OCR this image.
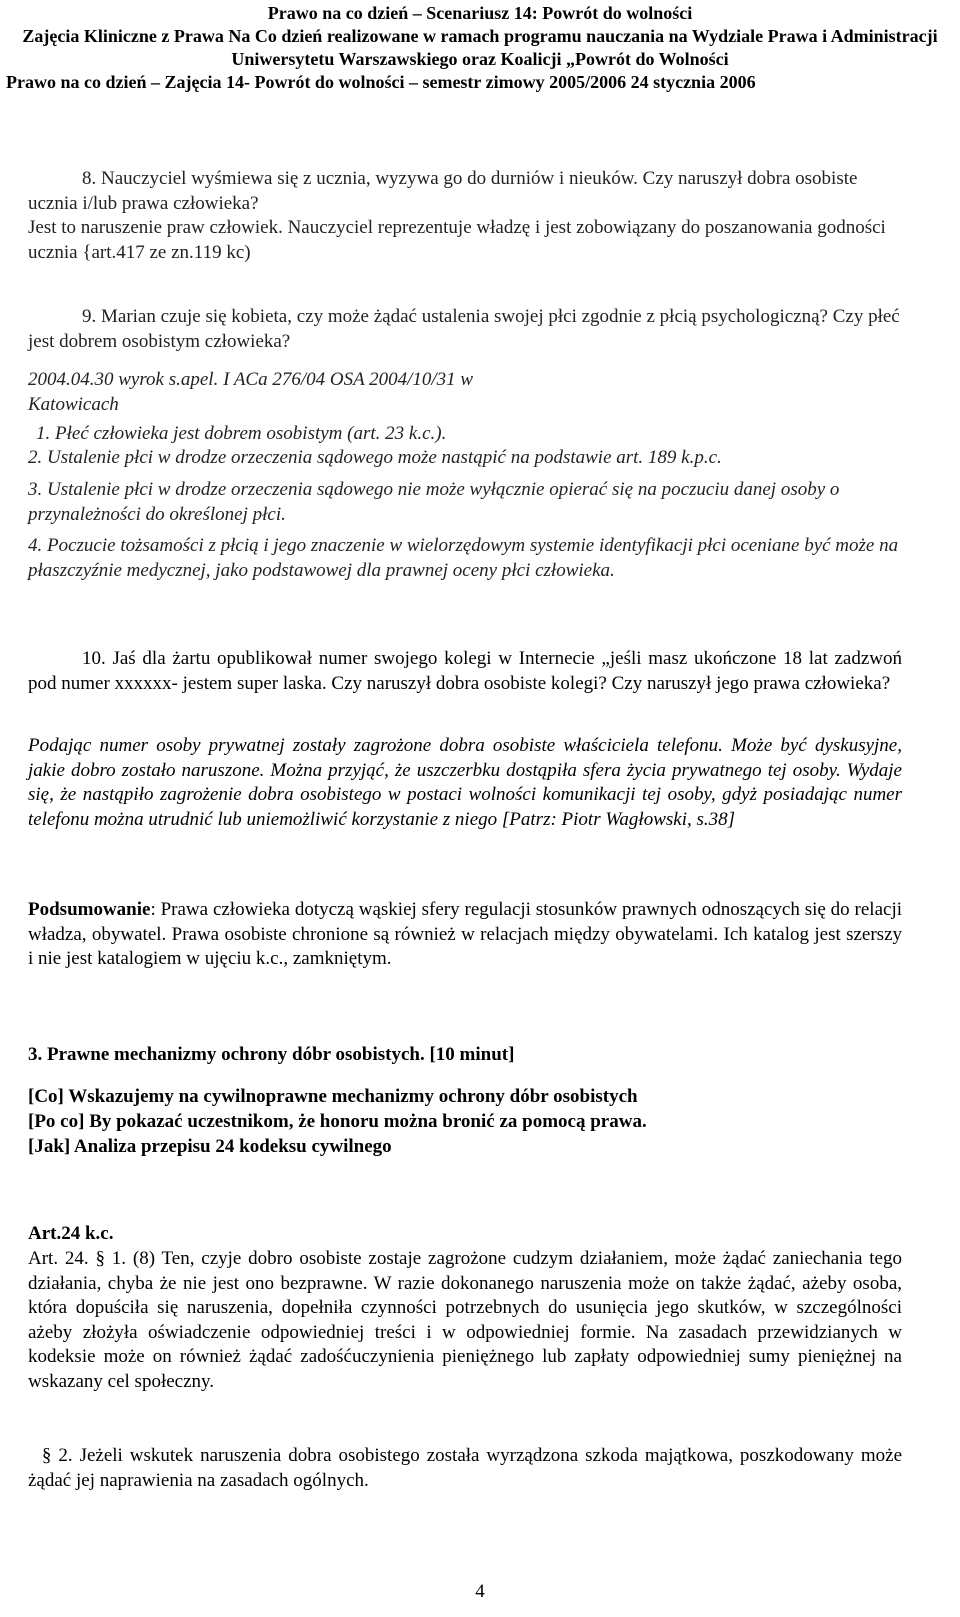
Prawo na co dzień – Scenariusz 14: Powrót do wolności
Zajęcia Kliniczne z Prawa Na Co dzień realizowane w ramach programu nauczania na Wydziale Prawa i Administracji
Uniwersytetu Warszawskiego oraz Koalicji „Powrót do Wolności
Prawo na co dzień – Zajęcia 14- Powrót do wolności – semestr zimowy 2005/2006 24 stycznia 2006

8. Nauczyciel wyśmiewa się z ucznia, wyzywa go do durniów i nieuków. Czy naruszył dobra osobiste ucznia i/lub prawa człowieka?

Jest to naruszenie praw człowiek. Nauczyciel reprezentuje władzę i jest zobowiązany do poszanowania godności ucznia {art.417 ze zn.119 kc)

9. Marian czuje się kobieta, czy może żądać ustalenia swojej płci zgodnie z płcią psychologiczną? Czy płeć jest dobrem osobistym człowieka?

2004.04.30 wyrok s.apel. I ACa 276/04 OSA 2004/10/31 w Katowicach

1. Płeć człowieka jest dobrem osobistym (art. 23 k.c.).

2. Ustalenie płci w drodze orzeczenia sądowego może nastąpić na podstawie art. 189 k.p.c.

3. Ustalenie płci w drodze orzeczenia sądowego nie może wyłącznie opierać się na poczuciu danej osoby o przynależności do określonej płci.

4. Poczucie tożsamości z płcią i jego znaczenie w wielorzędowym systemie identyfikacji płci oceniane być może na płaszczyźnie medycznej, jako podstawowej dla prawnej oceny płci człowieka.

10. Jaś dla żartu opublikował numer swojego kolegi w Internecie „jeśli masz ukończone 18 lat zadzwoń pod numer xxxxxx- jestem super laska. Czy naruszył dobra osobiste kolegi? Czy naruszył jego prawa człowieka?

Podając numer osoby prywatnej zostały zagrożone dobra osobiste właściciela telefonu. Może być dyskusyjne, jakie dobro zostało naruszone. Można przyjąć, że uszczerbku dostąpiła sfera życia prywatnego tej osoby. Wydaje się, że nastąpiło zagrożenie dobra osobistego w postaci wolności komunikacji tej osoby, gdyż posiadając numer telefonu można utrudnić lub uniemożliwić korzystanie z niego [Patrz: Piotr Wagłowski, s.38]

Podsumowanie: Prawa człowieka dotyczą wąskiej sfery regulacji stosunków prawnych odnoszących się do relacji władza, obywatel. Prawa osobiste chronione są również w relacjach między obywatelami. Ich katalog jest szerszy i nie jest katalogiem w ujęciu k.c., zamkniętym.

3. Prawne mechanizmy ochrony dóbr osobistych. [10 minut]

[Co] Wskazujemy na cywilnoprawne mechanizmy ochrony dóbr osobistych

[Po co] By pokazać uczestnikom, że honoru można bronić za pomocą prawa.

[Jak] Analiza przepisu 24 kodeksu cywilnego

Art.24 k.c.

Art. 24. § 1. (8) Ten, czyje dobro osobiste zostaje zagrożone cudzym działaniem, może żądać zaniechania tego działania, chyba że nie jest ono bezprawne. W razie dokonanego naruszenia może on także żądać, ażeby osoba, która dopuściła się naruszenia, dopełniła czynności potrzebnych do usunięcia jego skutków, w szczególności ażeby złożyła oświadczenie odpowiedniej treści i w odpowiedniej formie. Na zasadach przewidzianych w kodeksie może on również żądać zadośćuczynienia pieniężnego lub zapłaty odpowiedniej sumy pieniężnej na wskazany cel społeczny.

§ 2. Jeżeli wskutek naruszenia dobra osobistego została wyrządzona szkoda majątkowa, poszkodowany może żądać jej naprawienia na zasadach ogólnych.

4
